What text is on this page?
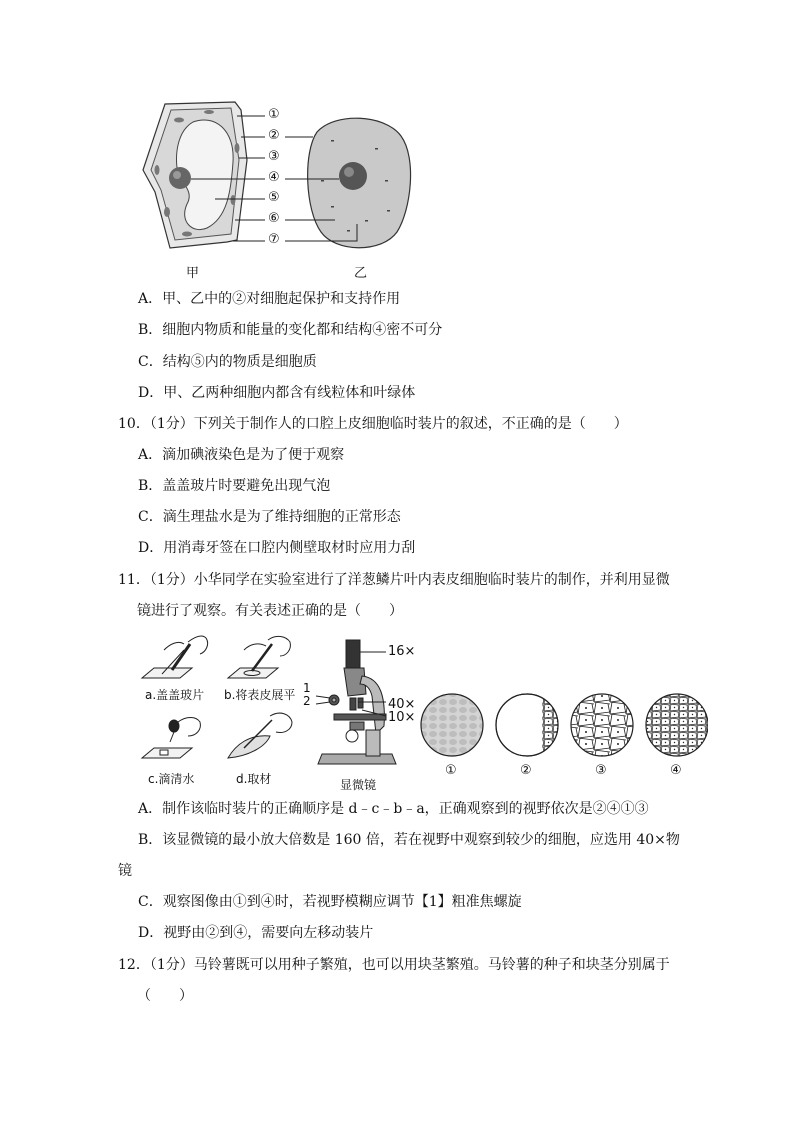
①
②
③
④
⑤
⑥
⑦
甲	乙
A．甲、乙中的②对细胞起保护和支持作用
B．细胞内物质和能量的变化都和结构④密不可分
C．结构⑤内的物质是细胞质
D．甲、乙两种细胞内都含有线粒体和叶绿体
10．（1分）下列关于制作人的口腔上皮细胞临时装片的叙述，不正确的是（　　）
A．滴加碘液染色是为了便于观察
B．盖盖玻片时要避免出现气泡
C．滴生理盐水是为了维持细胞的正常形态
D．用消毒牙签在口腔内侧壁取材时应用力刮
11．（1分）小华同学在实验室进行了洋葱鳞片叶内表皮细胞临时装片的制作，并利用显微
镜进行了观察。有关表述正确的是（　　）
a.盖盖玻片 b.将表皮展平
c.滴清水	d.取材
16×
40×
10×
1
2
显微镜
①	②	③	④
A．制作该临时装片的正确顺序是 d﹣c﹣b﹣a，正确观察到的视野依次是②④①③
B．该显微镜的最小放大倍数是 160 倍，若在视野中观察到较少的细胞，应选用 40×物
镜
C．观察图像由①到④时，若视野模糊应调节【1】粗准焦螺旋
D．视野由②到④，需要向左移动装片
12．（1分）马铃薯既可以用种子繁殖，也可以用块茎繁殖。马铃薯的种子和块茎分别属于
（　　）
